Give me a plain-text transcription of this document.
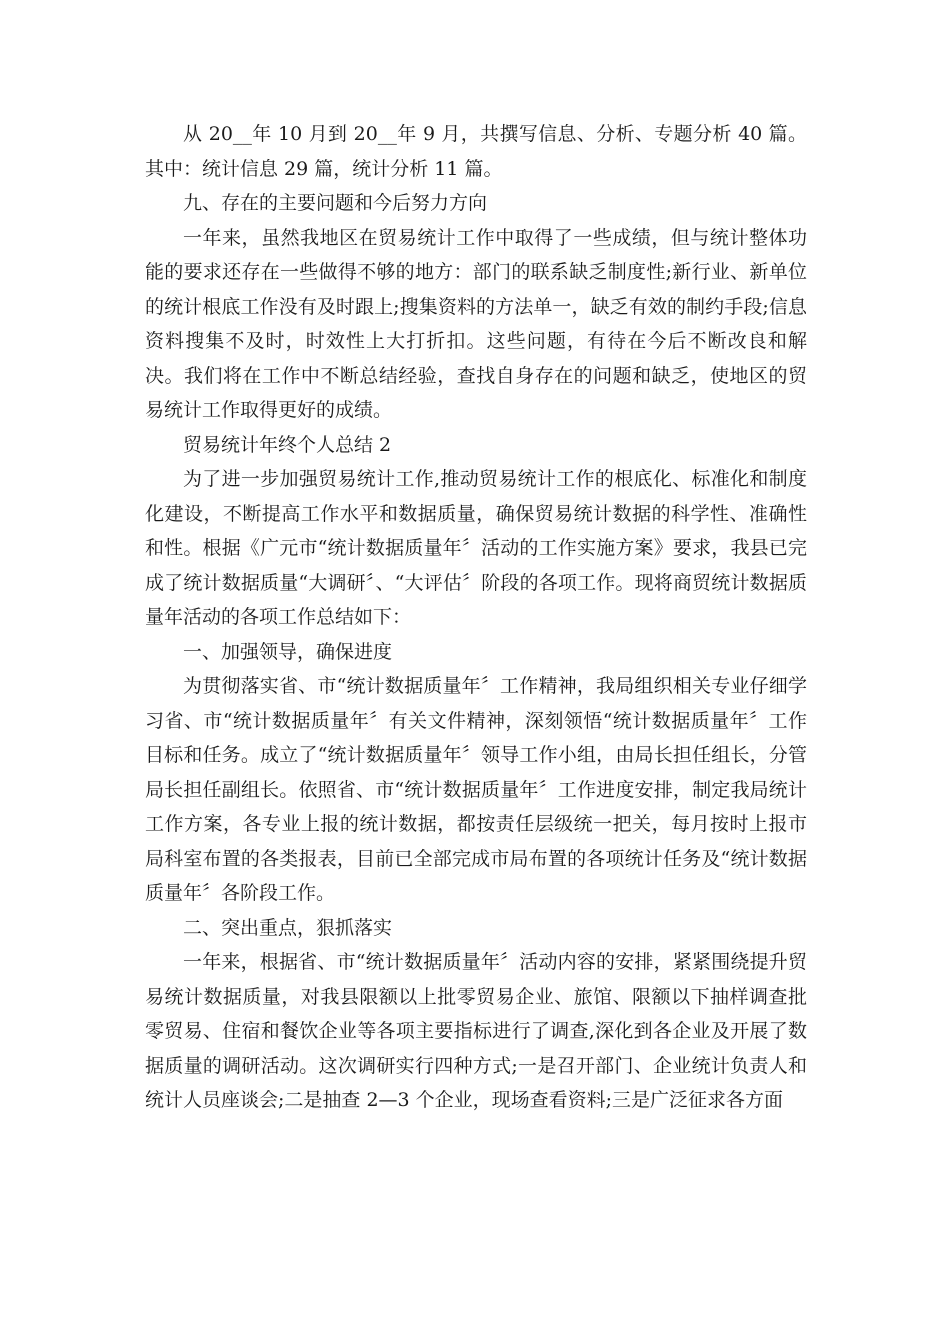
从 20__年 10 月到 20__年 9 月，共撰写信息、分析、专题分析 40 篇。其中：统计信息 29 篇，统计分析 11 篇。

九、存在的主要问题和今后努力方向

一年来，虽然我地区在贸易统计工作中取得了一些成绩，但与统计整体功能的要求还存在一些做得不够的地方：部门的联系缺乏制度性;新行业、新单位的统计根底工作没有及时跟上;搜集资料的方法单一，缺乏有效的制约手段;信息资料搜集不及时，时效性上大打折扣。这些问题，有待在今后不断改良和解决。我们将在工作中不断总结经验，查找自身存在的问题和缺乏，使地区的贸易统计工作取得更好的成绩。

贸易统计年终个人总结 2

为了进一步加强贸易统计工作,推动贸易统计工作的根底化、标准化和制度化建设，不断提高工作水平和数据质量，确保贸易统计数据的科学性、准确性和性。根据《广元市“统计数据质量年〞活动的工作实施方案》要求，我县已完成了统计数据质量“大调研〞、“大评估〞阶段的各项工作。现将商贸统计数据质量年活动的各项工作总结如下：

一、加强领导，确保进度

为贯彻落实省、市“统计数据质量年〞工作精神，我局组织相关专业仔细学习省、市“统计数据质量年〞有关文件精神，深刻领悟“统计数据质量年〞工作目标和任务。成立了“统计数据质量年〞领导工作小组，由局长担任组长，分管局长担任副组长。依照省、市“统计数据质量年〞工作进度安排，制定我局统计工作方案，各专业上报的统计数据，都按责任层级统一把关，每月按时上报市局科室布置的各类报表，目前已全部完成市局布置的各项统计任务及“统计数据质量年〞各阶段工作。

二、突出重点，狠抓落实

一年来，根据省、市“统计数据质量年〞活动内容的安排，紧紧围绕提升贸易统计数据质量，对我县限额以上批零贸易企业、旅馆、限额以下抽样调查批零贸易、住宿和餐饮企业等各项主要指标进行了调查,深化到各企业及开展了数据质量的调研活动。这次调研实行四种方式;一是召开部门、企业统计负责人和统计人员座谈会;二是抽查 2—3 个企业，现场查看资料;三是广泛征求各方面
